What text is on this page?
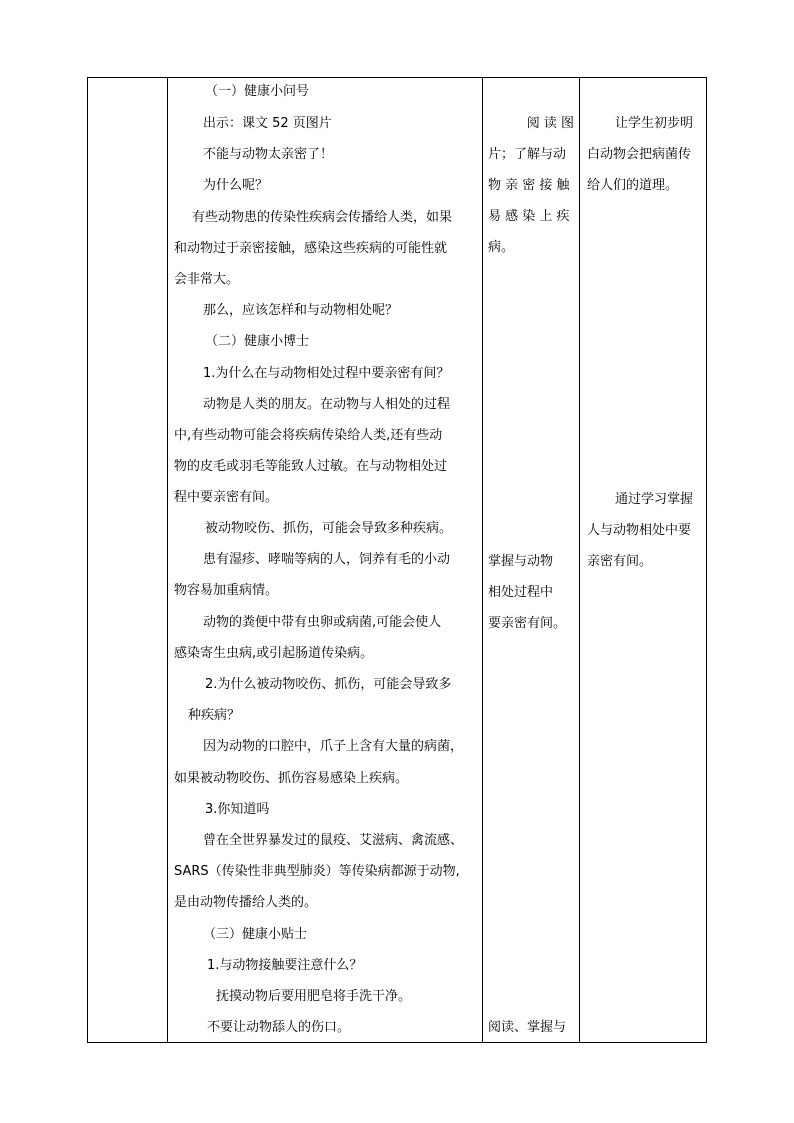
（一）健康小问号
出示：课文 52 页图片
不能与动物太亲密了！
为什么呢？
有些动物患的传染性疾病会传播给人类，如果
和动物过于亲密接触，感染这些疾病的可能性就
会非常大。
那么，应该怎样和与动物相处呢？
（二）健康小博士
1.为什么在与动物相处过程中要亲密有间？
动物是人类的朋友。在动物与人相处的过程
中,有些动物可能会将疾病传染给人类,还有些动
物的皮毛或羽毛等能致人过敏。在与动物相处过
程中要亲密有间。
被动物咬伤、抓伤，可能会导致多种疾病。
患有湿疹、哮喘等病的人，饲养有毛的小动
物容易加重病情。
动物的粪便中带有虫卵或病菌,可能会使人
感染寄生虫病,或引起肠道传染病。
2.为什么被动物咬伤、抓伤，可能会导致多
种疾病？
因为动物的口腔中，爪子上含有大量的病菌，
如果被动物咬伤、抓伤容易感染上疾病。
3.你知道吗
曾在全世界暴发过的鼠疫、艾滋病、禽流感、
SARS（传染性非典型肺炎）等传染病都源于动物,
是由动物传播给人类的。
（三）健康小贴士
1.与动物接触要注意什么？
抚摸动物后要用肥皂将手洗干净。
不要让动物舔人的伤口。
阅 读 图
片；了解与动
物 亲 密 接 触
易 感 染 上 疾
病。
掌握与动物
相处过程中
要亲密有间。
阅读、掌握与
让学生初步明
白动物会把病菌传
给人们的道理。
通过学习掌握
人与动物相处中要
亲密有间。
